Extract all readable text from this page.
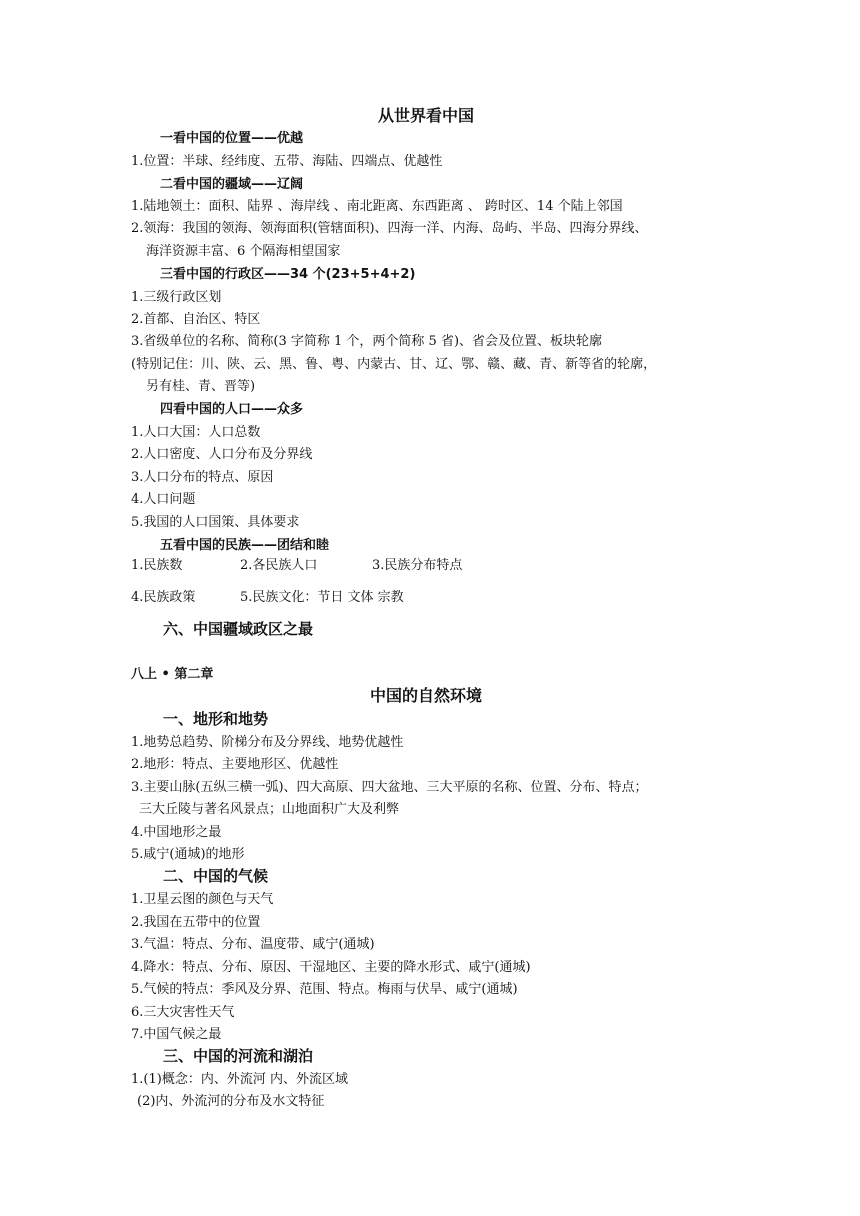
从世界看中国
一看中国的位置——优越
1.位置：半球、经纬度、五带、海陆、四端点、优越性
二看中国的疆域——辽阔
1.陆地领土：面积、陆界 、海岸线 、南北距离、东西距离 、 跨时区、14 个陆上邻国
2.领海：我国的领海、领海面积(管辖面积)、四海一洋、内海、岛屿、半岛、四海分界线、
海洋资源丰富、6 个隔海相望国家
三看中国的行政区——34 个(23+5+4+2)
1.三级行政区划
2.首都、自治区、特区
3.省级单位的名称、简称(3 字简称 1 个，两个简称 5 省)、省会及位置、板块轮廓
(特别记住：川、陕、云、黑、鲁、粤、内蒙古、甘、辽、鄂、赣、藏、青、新等省的轮廓，
另有桂、青、晋等)
四看中国的人口——众多
1.人口大国：人口总数
2.人口密度、人口分布及分界线
3.人口分布的特点、原因
4.人口问题
5.我国的人口国策、具体要求
五看中国的民族——团结和睦
1.民族数	2.各民族人口	3.民族分布特点
4.民族政策	5.民族文化：节日 文体 宗教
六、中国疆域政区之最
八上 • 第二章
中国的自然环境
一、地形和地势
1.地势总趋势、阶梯分布及分界线、地势优越性
2.地形：特点、主要地形区、优越性
3.主要山脉(五纵三横一弧)、四大高原、四大盆地、三大平原的名称、位置、分布、特点；
三大丘陵与著名风景点；山地面积广大及利弊
4.中国地形之最
5.咸宁(通城)的地形
二、中国的气候
1.卫星云图的颜色与天气
2.我国在五带中的位置
3.气温：特点、分布、温度带、咸宁(通城)
4.降水：特点、分布、原因、干湿地区、主要的降水形式、咸宁(通城)
5.气候的特点：季风及分界、范围、特点。梅雨与伏旱、咸宁(通城)
6.三大灾害性天气
7.中国气候之最
三、中国的河流和湖泊
1.(1)概念：内、外流河 内、外流区域
(2)内、外流河的分布及水文特征
